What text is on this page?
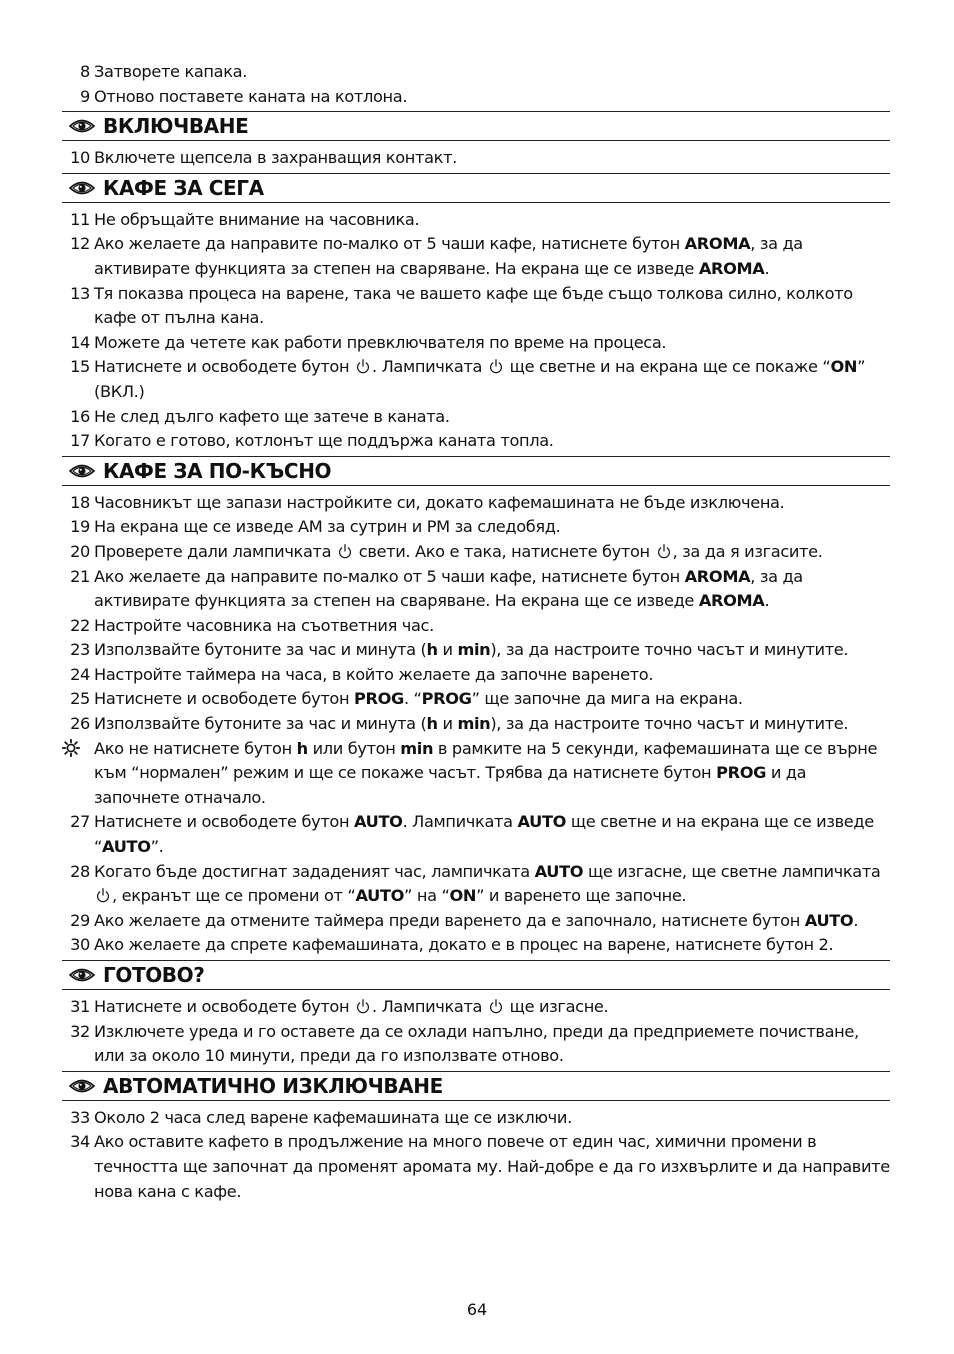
8 Затворете капака.
9 Отново поставете каната на котлона.
ВКЛЮЧВАНЕ
10 Включете щепсела в захранващия контакт.
КАФЕ ЗА СЕГА
11 Не обръщайте внимание на часовника.
12 Ако желаете да направите по-малко от 5 чаши кафе, натиснете бутон AROMA, за да активирате функцията за степен на сваряване. На екрана ще се изведе AROMA.
13 Тя показва процеса на варене, така че вашето кафе ще бъде също толкова силно, колкото кафе от пълна кана.
14 Можете да четете как работи превключвателя по време на процеса.
15 Натиснете и освободете бутон . Лампичката  ще светне и на екрана ще се покаже “ON” (ВКЛ.)
16 Не след дълго кафето ще затече в каната.
17 Когато е готово, котлонът ще поддържа каната топла.
КАФЕ ЗА ПО-КЪСНО
18 Часовникът ще запази настройките си, докато кафемашината не бъде изключена.
19 На екрана ще се изведе AM за сутрин и PM за следобяд.
20 Проверете дали лампичката  свети. Ако е така, натиснете бутон , за да я изгасите.
21 Ако желаете да направите по-малко от 5 чаши кафе, натиснете бутон AROMA, за да активирате функцията за степен на сваряване. На екрана ще се изведе AROMA.
22 Настройте часовника на съответния час.
23 Използвайте бутоните за час и минута (h и min), за да настроите точно часът и минутите.
24 Настройте таймера на часа, в който желаете да започне варенето.
25 Натиснете и освободете бутон PROG. “PROG” ще започне да мига на екрана.
26 Използвайте бутоните за час и минута (h и min), за да настроите точно часът и минутите.
Ако не натиснете бутон h или бутон min в рамките на 5 секунди, кафемашината ще се върне към “нормален” режим и ще се покаже часът. Трябва да натиснете бутон PROG и да започнете отначало.
27 Натиснете и освободете бутон AUTO. Лампичката AUTO ще светне и на екрана ще се изведе “AUTO”.
28 Когато бъде достигнат зададеният час, лампичката AUTO ще изгасне, ще светне лампичката , екранът ще се промени от “AUTO” на “ON” и варенето ще започне.
29 Ако желаете да отмените таймера преди варенето да е започнало, натиснете бутон AUTO.
30 Ако желаете да спрете кафемашината, докато е в процес на варене, натиснете бутон 2.
ГОТОВО?
31 Натиснете и освободете бутон . Лампичката  ще изгасне.
32 Изключете уреда и го оставете да се охлади напълно, преди да предприемете почистване, или за около 10 минути, преди да го използвате отново.
АВТОМАТИЧНО ИЗКЛЮЧВАНЕ
33 Около 2 часа след варене кафемашината ще се изключи.
34 Ако оставите кафето в продължение на много повече от един час, химични промени в течността ще започнат да променят аромата му. Най-добре е да го изхвърлите и да направите нова кана с кафе.
64
